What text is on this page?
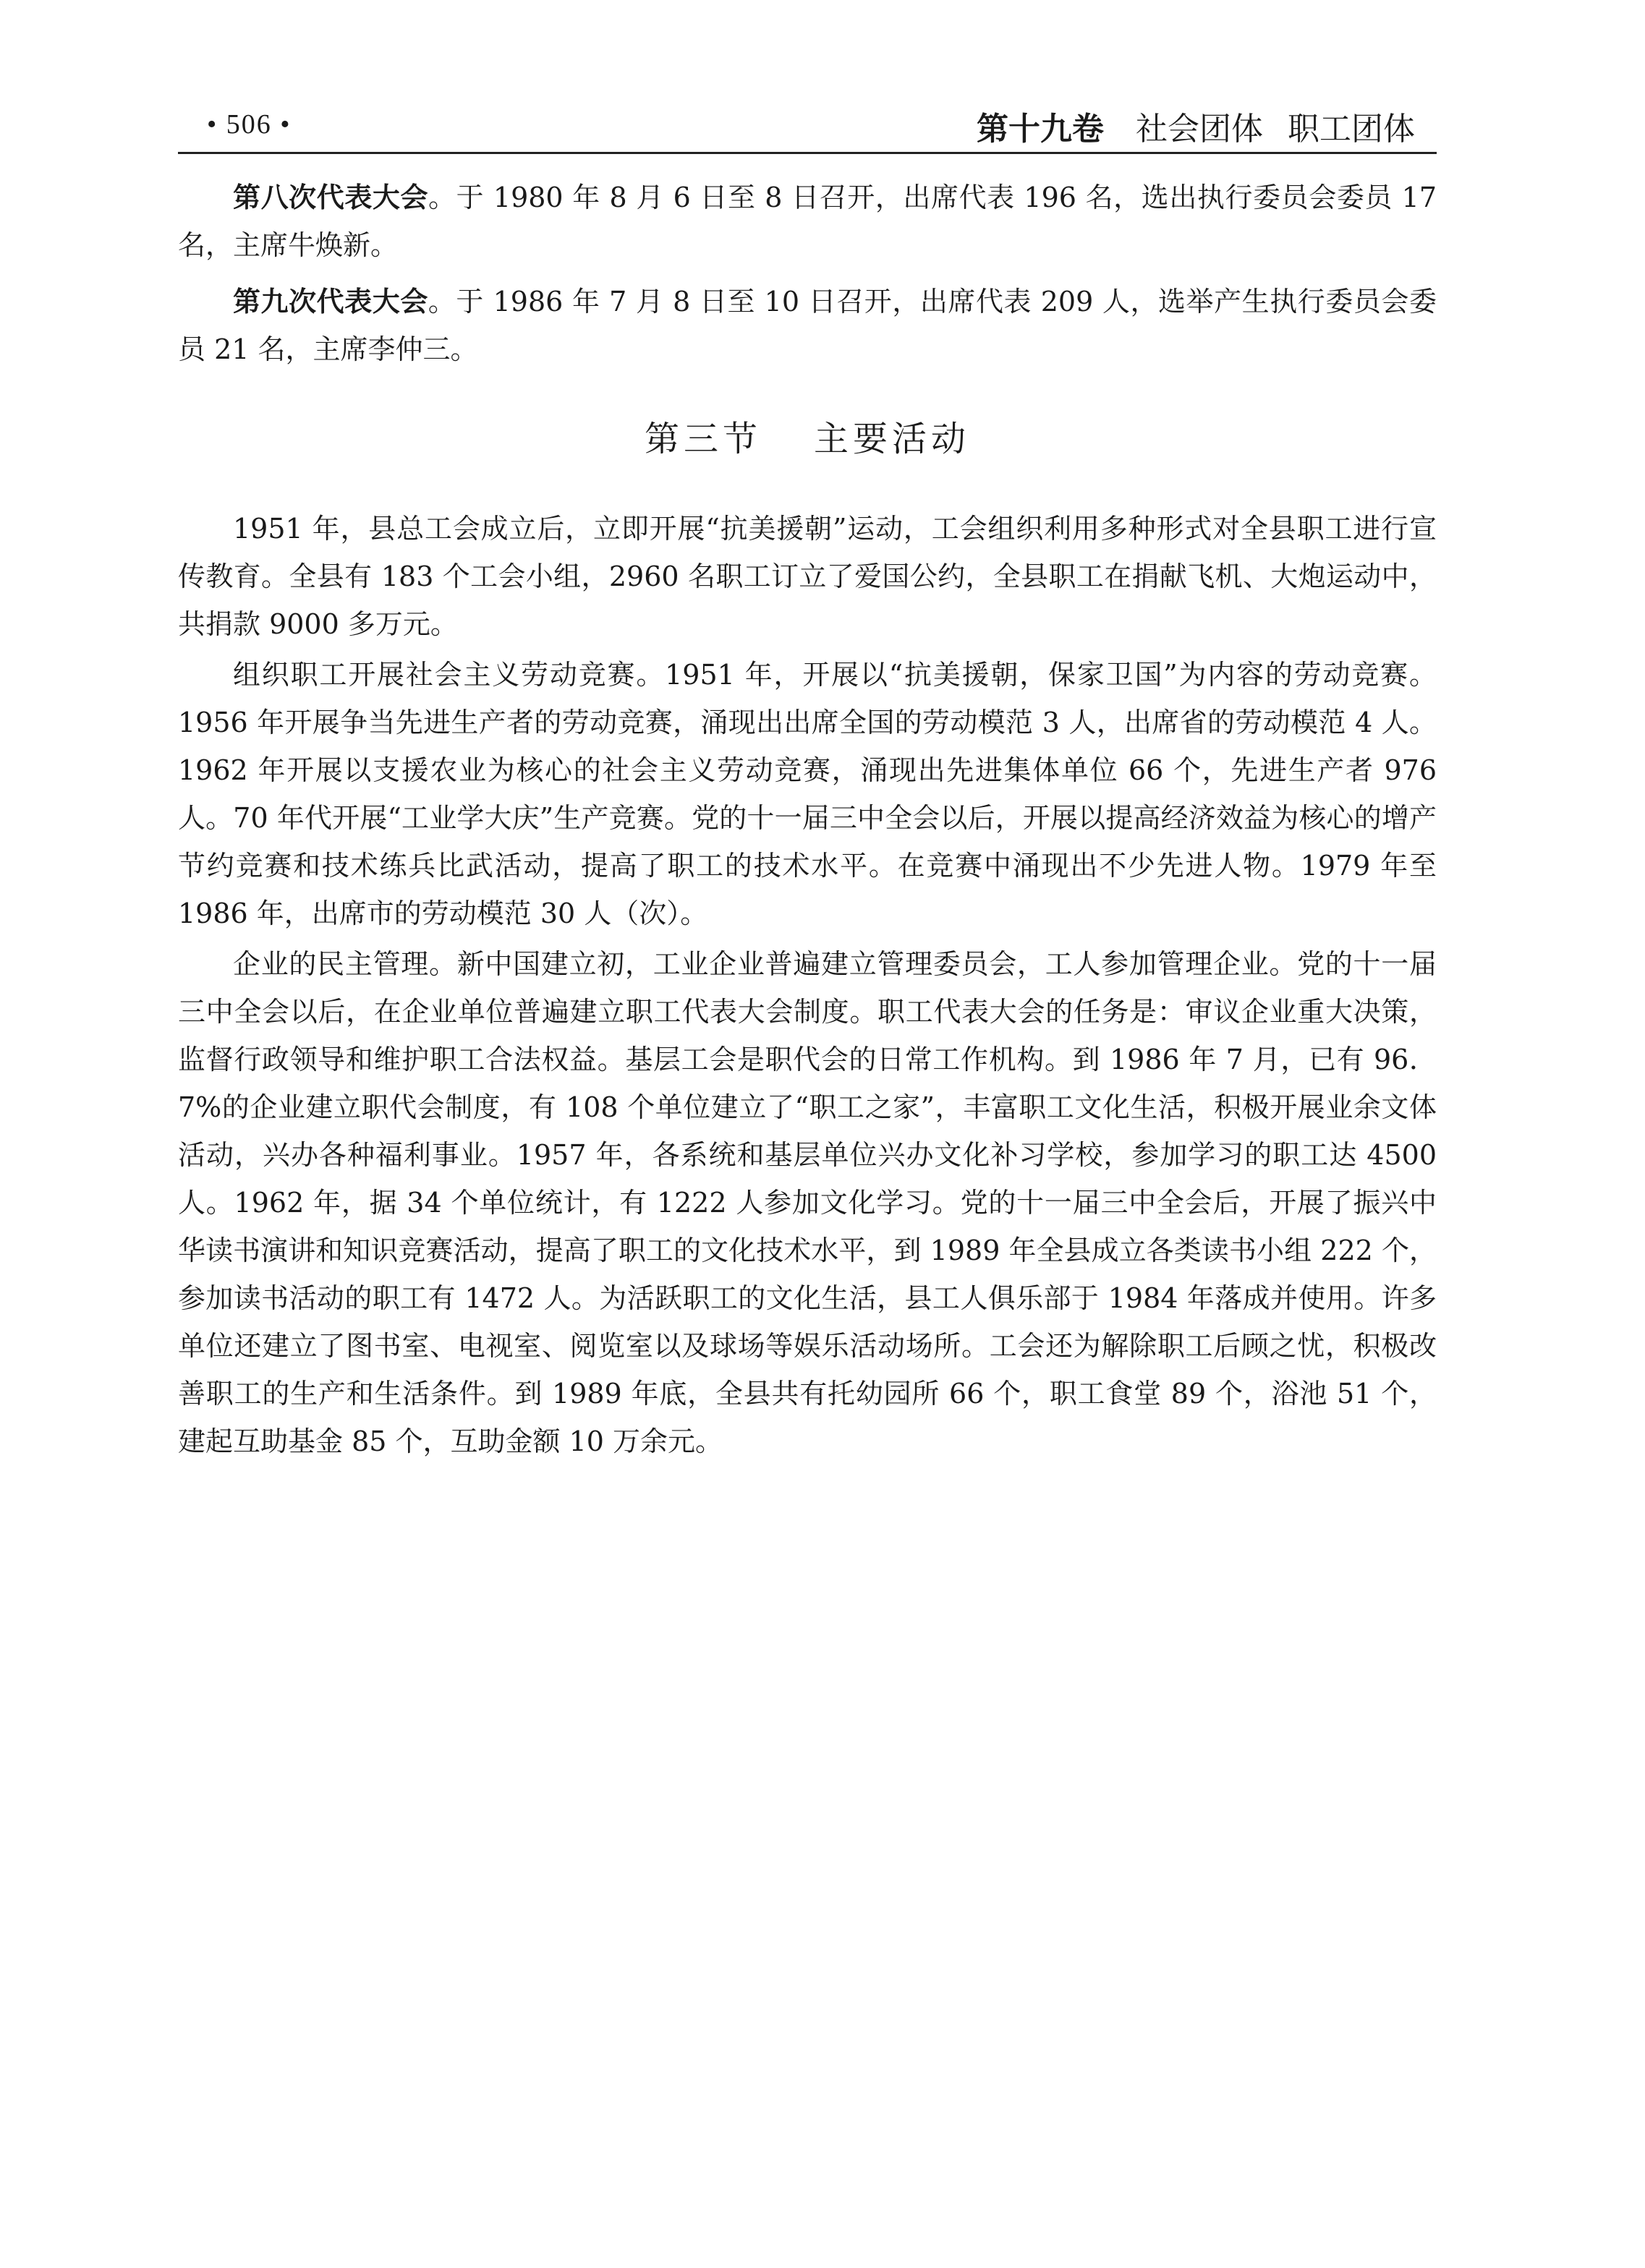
• 506 •	第十九卷 社会团体 职工团体

第八次代表大会。于 1980 年 8 月 6 日至 8 日召开，出席代表 196 名，选出执行委员会委员 17 名，主席牛焕新。

第九次代表大会。于 1986 年 7 月 8 日至 10 日召开，出席代表 209 人，选举产生执行委员会委员 21 名，主席李仲三。

第三节 主要活动

1951 年，县总工会成立后，立即开展“抗美援朝”运动，工会组织利用多种形式对全县职工进行宣传教育。全县有 183 个工会小组，2960 名职工订立了爱国公约，全县职工在捐献飞机、大炮运动中，共捐款 9000 多万元。

组织职工开展社会主义劳动竞赛。1951 年，开展以“抗美援朝，保家卫国”为内容的劳动竞赛。1956 年开展争当先进生产者的劳动竞赛，涌现出出席全国的劳动模范 3 人，出席省的劳动模范 4 人。1962 年开展以支援农业为核心的社会主义劳动竞赛，涌现出先进集体单位 66 个，先进生产者 976 人。70 年代开展“工业学大庆”生产竞赛。党的十一届三中全会以后，开展以提高经济效益为核心的增产节约竞赛和技术练兵比武活动，提高了职工的技术水平。在竞赛中涌现出不少先进人物。1979 年至 1986 年，出席市的劳动模范 30 人（次）。

企业的民主管理。新中国建立初，工业企业普遍建立管理委员会，工人参加管理企业。党的十一届三中全会以后，在企业单位普遍建立职工代表大会制度。职工代表大会的任务是：审议企业重大决策，监督行政领导和维护职工合法权益。基层工会是职代会的日常工作机构。到 1986 年 7 月，已有 96．7%的企业建立职代会制度，有 108 个单位建立了“职工之家”，丰富职工文化生活，积极开展业余文体活动，兴办各种福利事业。1957 年，各系统和基层单位兴办文化补习学校，参加学习的职工达 4500 人。1962 年，据 34 个单位统计，有 1222 人参加文化学习。党的十一届三中全会后，开展了振兴中华读书演讲和知识竞赛活动，提高了职工的文化技术水平，到 1989 年全县成立各类读书小组 222 个，参加读书活动的职工有 1472 人。为活跃职工的文化生活，县工人俱乐部于 1984 年落成并使用。许多单位还建立了图书室、电视室、阅览室以及球场等娱乐活动场所。工会还为解除职工后顾之忧，积极改善职工的生产和生活条件。到 1989 年底，全县共有托幼园所 66 个，职工食堂 89 个，浴池 51 个，建起互助基金 85 个，互助金额 10 万余元。
